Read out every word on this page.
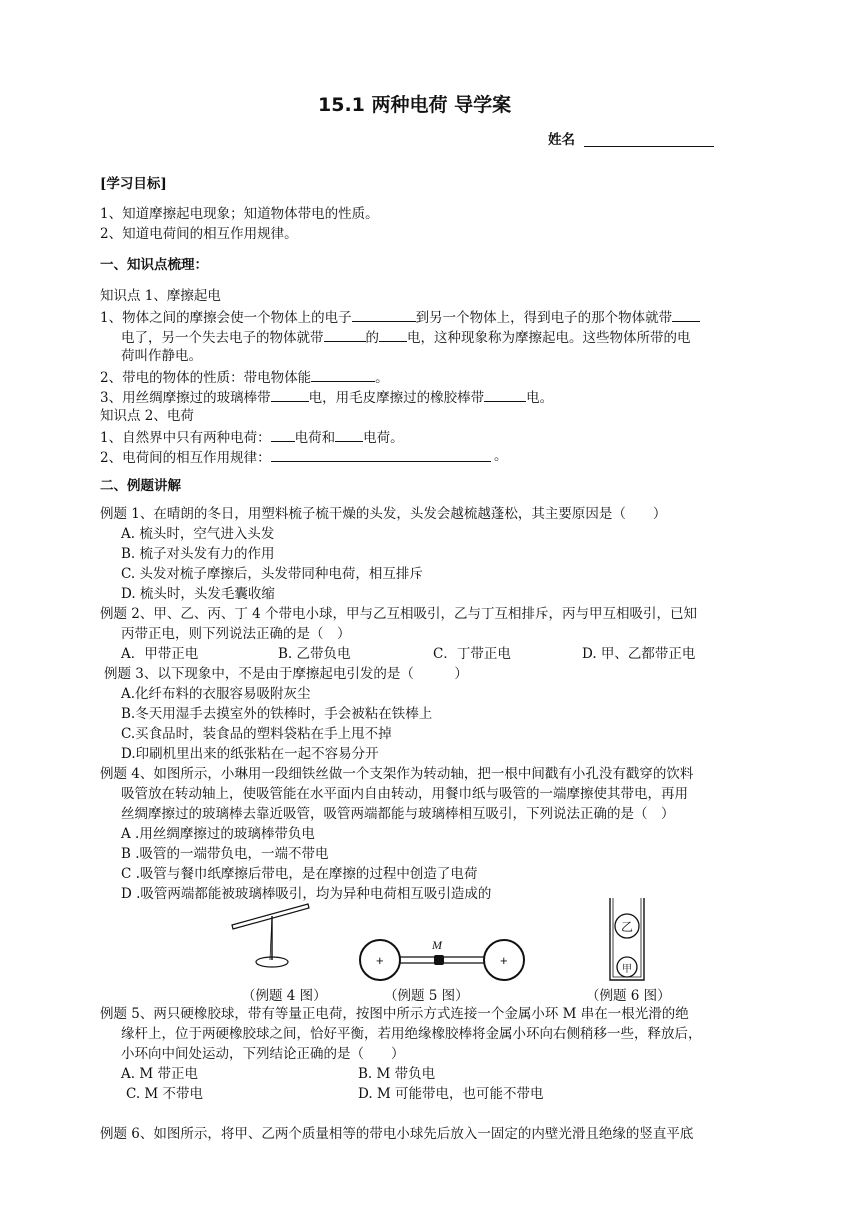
15.1 两种电荷 导学案
姓名
[学习目标]
1、知道摩擦起电现象；知道物体带电的性质。
2、知道电荷间的相互作用规律。
一、知识点梳理：
知识点 1、摩擦起电
1、物体之间的摩擦会使一个物体上的电子	到另一个物体上，得到电子的那个物体就带
电了，另一个失去电子的物体就带	的 电，这种现象称为摩擦起电。这些物体所带的电
荷叫作静电。
2、带电的物体的性质：带电物体能	。
3、用丝绸摩擦过的玻璃棒带	电，用毛皮摩擦过的橡胶棒带	电。
知识点 2、电荷
1、自然界中只有两种电荷： 电荷和 电荷。
2、电荷间的相互作用规律：	。
二、例题讲解
例题 1、在晴朗的冬日，用塑料梳子梳干燥的头发，头发会越梳越蓬松，其主要原因是（　　）
A. 梳头时，空气进入头发
B. 梳子对头发有力的作用
C. 头发对梳子摩擦后，头发带同种电荷，相互排斥
D. 梳头时，头发毛囊收缩
例题 2、甲、乙、丙、丁 4 个带电小球，甲与乙互相吸引，乙与丁互相排斥，丙与甲互相吸引，已知
丙带正电，则下列说法正确的是（　）
A．甲带正电	B. 乙带负电	C．丁带正电	D. 甲、乙都带正电
例题 3、以下现象中，不是由于摩擦起电引发的是（　　　）
A.化纤布料的衣服容易吸附灰尘
B.冬天用湿手去摸室外的铁棒时，手会被粘在铁棒上
C.买食品时，装食品的塑料袋粘在手上甩不掉
D.印刷机里出来的纸张粘在一起不容易分开
例题 4、如图所示，小琳用一段细铁丝做一个支架作为转动轴，把一根中间戳有小孔没有戳穿的饮料
吸管放在转动轴上，使吸管能在水平面内自由转动，用餐巾纸与吸管的一端摩擦使其带电，再用
丝绸摩擦过的玻璃棒去靠近吸管，吸管两端都能与玻璃棒相互吸引，下列说法正确的是（　）
A .用丝绸摩擦过的玻璃棒带负电
B .吸管的一端带负电，一端不带电
C .吸管与餐巾纸摩擦后带电，是在摩擦的过程中创造了电荷
D .吸管两端都能被玻璃棒吸引，均为异种电荷相互吸引造成的
（例题 4 图）
M
+	+
（例题 5 图）
乙
甲
（例题 6 图）
例题 5、两只硬橡胶球，带有等量正电荷，按图中所示方式连接一个金属小环 M 串在一根光滑的绝
缘杆上，位于两硬橡胶球之间，恰好平衡，若用绝缘橡胶棒将金属小环向右侧稍移一些，释放后，
小环向中间处运动，下列结论正确的是（　　）
A. M 带正电	B. M 带负电
C. M 不带电	D. M 可能带电，也可能不带电
例题 6、如图所示，将甲、乙两个质量相等的带电小球先后放入一固定的内壁光滑且绝缘的竖直平底
